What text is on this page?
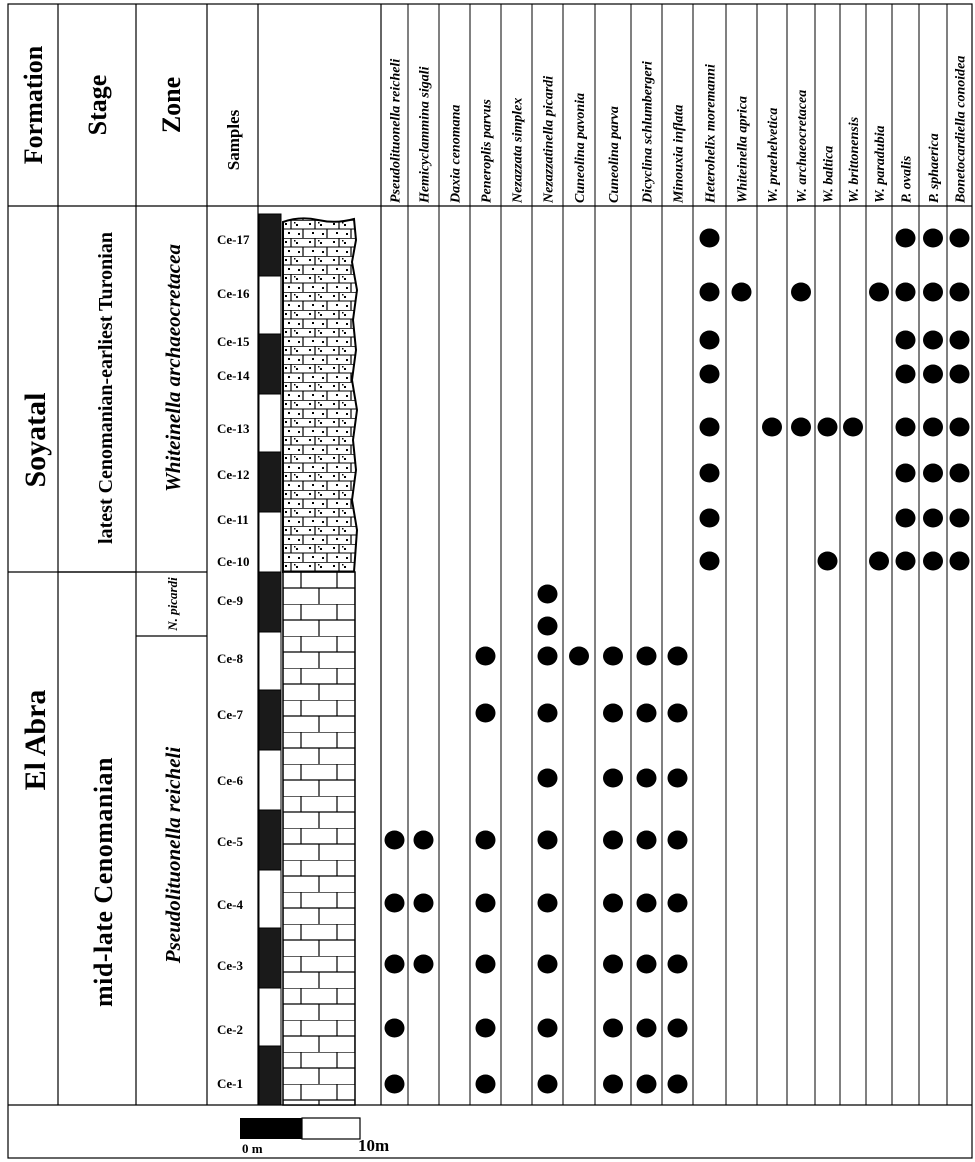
Formation Stage Zone
Samples	Pseudolituonella reicheli Hemicyclammina sigali Daxia cenomana Peneroplis parvus Nezazzata simplex Nezazzatinella picardi Cuneolina pavonia Cuneolina parva Dicyclina schlumbergeri Minouxia inflata Heterohelix moremanni Whiteinella aprica W. praehelvetica W. archaeocretacea W. baltica W. brittonensis W. paradubia P. ovalis P. sphaerica Bonetocardiella conoidea
Soyatal
El Abra
latest Cenomanian-earliest Turonian
mid-late Cenomanian
Whiteinella archaeocretacea
N. picardi
Pseudolituonella reicheli
Ce-17
Ce-16
Ce-15
Ce-14
Ce-13
Ce-12
Ce-11
Ce-10
Ce-9
Ce-8
Ce-7
Ce-6
Ce-5
Ce-4
Ce-3
Ce-2
Ce-1
0 m	10m
